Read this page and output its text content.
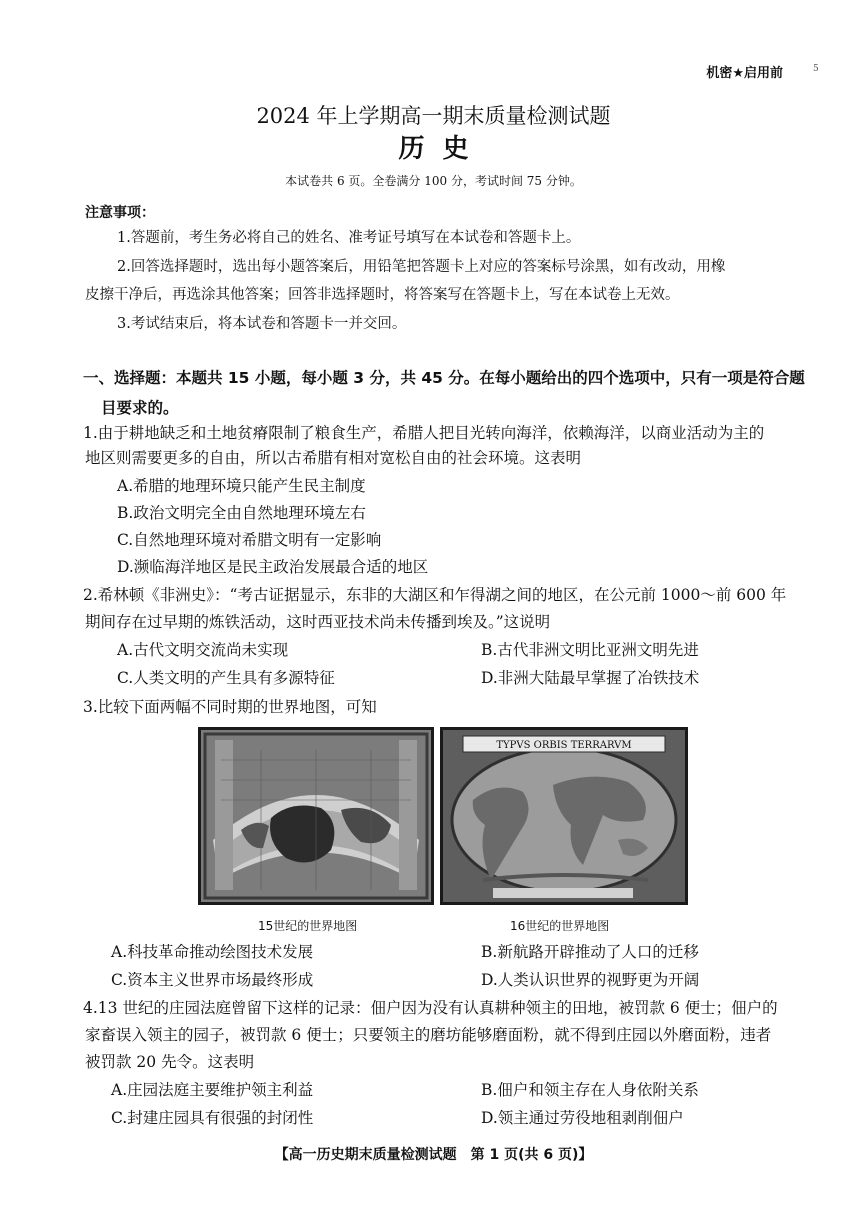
机密★启用前	5
2024 年上学期高一期末质量检测试题
历史
本试卷共 6 页。全卷满分 100 分，考试时间 75 分钟。
注意事项：
1.答题前，考生务必将自己的姓名、准考证号填写在本试卷和答题卡上。
2.回答选择题时，选出每小题答案后，用铅笔把答题卡上对应的答案标号涂黑，如有改动，用橡
皮擦干净后，再选涂其他答案；回答非选择题时，将答案写在答题卡上，写在本试卷上无效。
3.考试结束后，将本试卷和答题卡一并交回。
一、选择题：本题共 15 小题，每小题 3 分，共 45 分。在每小题给出的四个选项中，只有一项是符合题
目要求的。
1.由于耕地缺乏和土地贫瘠限制了粮食生产，希腊人把目光转向海洋，依赖海洋，以商业活动为主的
地区则需要更多的自由，所以古希腊有相对宽松自由的社会环境。这表明
A.希腊的地理环境只能产生民主制度
B.政治文明完全由自然地理环境左右
C.自然地理环境对希腊文明有一定影响
D.濒临海洋地区是民主政治发展最合适的地区
2.希林顿《非洲史》：“考古证据显示，东非的大湖区和乍得湖之间的地区，在公元前 1000～前 600 年
期间存在过早期的炼铁活动，这时西亚技术尚未传播到埃及。”这说明
A.古代文明交流尚未实现	B.古代非洲文明比亚洲文明先进
C.人类文明的产生具有多源特征	D.非洲大陆最早掌握了冶铁技术
3.比较下面两幅不同时期的世界地图，可知
TYPVS ORBIS TERRARVM
15世纪的世界地图	16世纪的世界地图
A.科技革命推动绘图技术发展	B.新航路开辟推动了人口的迁移
C.资本主义世界市场最终形成	D.人类认识世界的视野更为开阔
4.13 世纪的庄园法庭曾留下这样的记录：佃户因为没有认真耕种领主的田地，被罚款 6 便士；佃户的
家畜误入领主的园子，被罚款 6 便士；只要领主的磨坊能够磨面粉，就不得到庄园以外磨面粉，违者
被罚款 20 先令。这表明
A.庄园法庭主要维护领主利益	B.佃户和领主存在人身依附关系
C.封建庄园具有很强的封闭性	D.领主通过劳役地租剥削佃户
【高一历史期末质量检测试题　第 1 页(共 6 页)】
